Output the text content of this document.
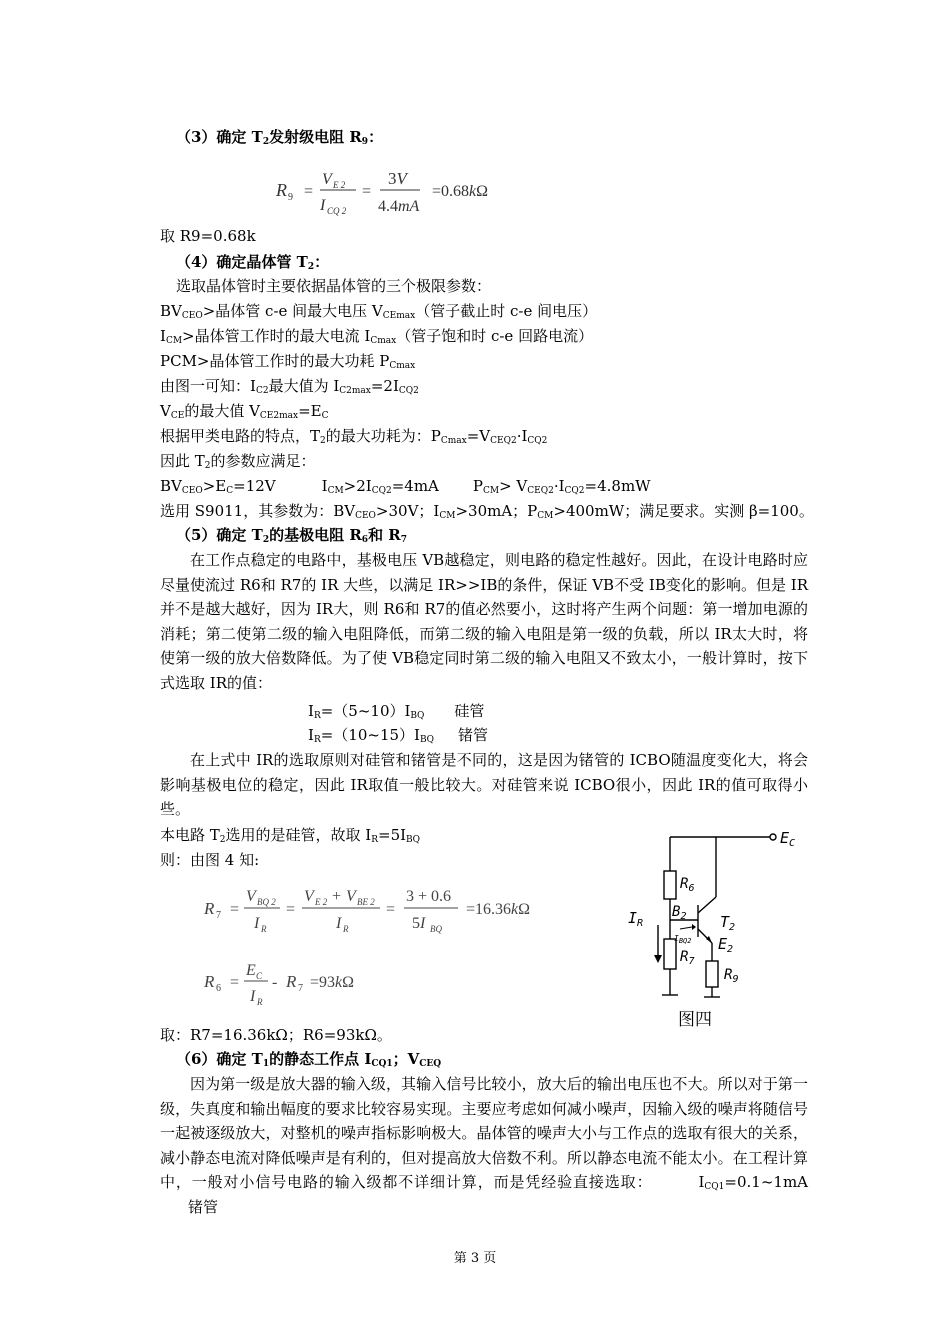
（3）确定 $T_2$发射级电阻 $R_9$：
R 9 =
V E 2
I CQ 2
=
3V
4.4mA
=0.68kΩ
取 R9=0.68k
（4）确定晶体管 $T_2$：
选取晶体管时主要依据晶体管的三个极限参数：
$BV_{CEO}>$晶体管 c-e 间最大电压 $V_{CEmax}$（管子截止时 c-e 间电压）
$I_{CM}>$晶体管工作时的最大电流 $I_{Cmax}$（管子饱和时 c-e 回路电流）
PCM>晶体管工作时的最大功耗 $P_{Cmax}$
由图一可知：$I_{C2}$最大值为 $I_{C2max}=2I_{CQ2}$
$V_{CE}$的最大值 $V_{CE2max}=E_C$
根据甲类电路的特点，$T_2$的最大功耗为：$P_{Cmax}=V_{CEQ2}\cdot I_{CQ2}$
因此 $T_2$的参数应满足：
$BV_{CEO}>E_C=12V$	$I_{CM}>2I_{CQ2}=4mA$ $P_{CM}> V_{CEQ2}\cdot I_{CQ2}=4.8mW$
选用 S9011，其参数为：$BV_{CEO}>30V$；$I_{CM}>30mA$；$P_{CM}>400mW$；满足要求。实测 β=100。
（5）确定 $T_2$的基极电阻 $R_6$和 $R_7$
在工作点稳定的电路中，基极电压 VB越稳定，则电路的稳定性越好。因此，在设计电路时应尽量使流过 R6和 R7的 IR 大些，以满足 IR>>IB的条件，保证 VB不受 IB变化的影响。但是 IR并不是越大越好，因为 IR大，则 R6和 R7的值必然要小，这时将产生两个问题：第一增加电源的消耗；第二使第二级的输入电阻降低，而第二级的输入电阻是第一级的负载，所以 IR太大时，将使第一级的放大倍数降低。为了使 VB稳定同时第二级的输入电阻又不致太小，一般计算时，按下式选取 IR的值：
$I_R=(5\sim 10)I_{BQ}$ 硅管
$I_R=(10\sim 15)I_{BQ}$ 锗管
在上式中 IR的选取原则对硅管和锗管是不同的，这是因为锗管的 ICBO随温度变化大，将会影响基极电位的稳定，因此 IR取值一般比较大。对硅管来说 ICBO很小，因此 IR的值可取得小些。
本电路 $T_2$选用的是硅管，故取 $I_R=5I_{BQ}$
则：由图 4 知:
R 7 =
V BQ 2
I R
=
V E 2 + V BE 2
I R
=
3 + 0.6
5I BQ
=16.36kΩ
R 6 =
E C
I R
- R 7 =93kΩ
$E_C$
$R_6$
$I_R$
$B_2$
IBQ2
$T_2$
$E_2$
$R_7$
$R_9$
图四
取：R7=16.36kΩ；R6=93kΩ。
（6）确定 $T_1$的静态工作点 $I_{CQ1}$；$V_{CEQ}$
因为第一级是放大器的输入级，其输入信号比较小，放大后的输出电压也不大。所以对于第一级，失真度和输出幅度的要求比较容易实现。主要应考虑如何减小噪声，因输入级的噪声将随信号一起被逐级放大，对整机的噪声指标影响极大。晶体管的噪声大小与工作点的选取有很大的关系，减小静态电流对降低噪声是有利的，但对提高放大倍数不利。所以静态电流不能太小。在工程计算中，一般对小信号电路的输入级都不详细计算，而是凭经验直接选取：	$I_{CQ1}=0.1\sim 1mA$锗管
第 3 页
